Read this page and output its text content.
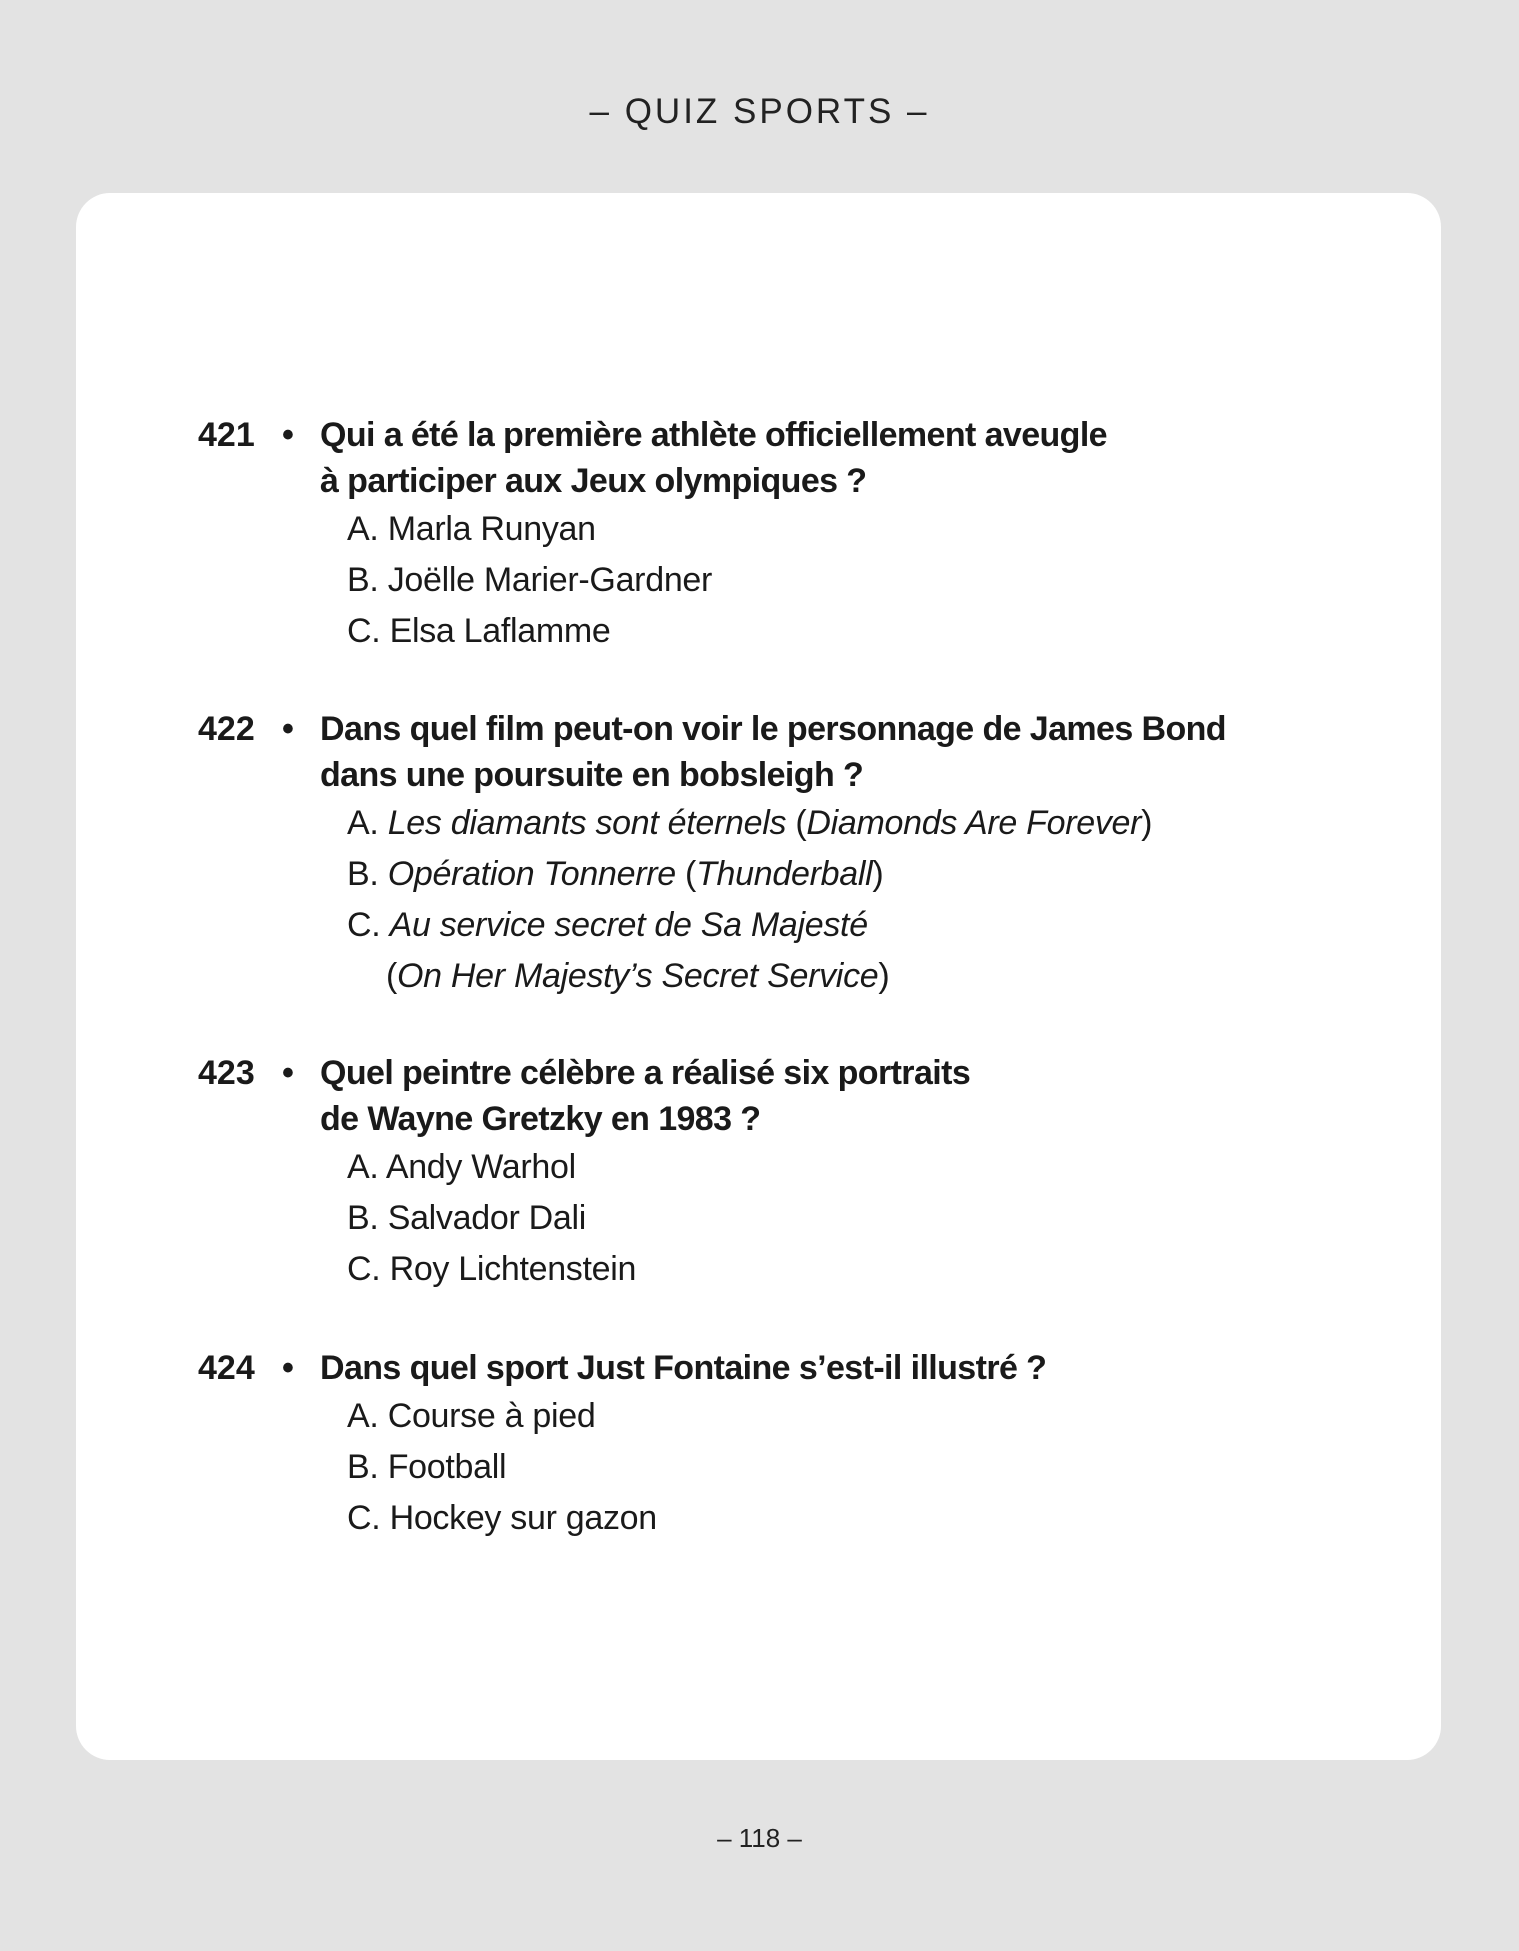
– QUIZ SPORTS –
421 • Qui a été la première athlète officiellement aveugle
à participer aux Jeux olympiques ?
A. Marla Runyan
B. Joëlle Marier-Gardner
C. Elsa Laflamme
422 • Dans quel film peut-on voir le personnage de James Bond
dans une poursuite en bobsleigh ?
A. Les diamants sont éternels (Diamonds Are Forever)
B. Opération Tonnerre (Thunderball)
C. Au service secret de Sa Majesté
(On Her Majesty’s Secret Service)
423 • Quel peintre célèbre a réalisé six portraits
de Wayne Gretzky en 1983 ?
A. Andy Warhol
B. Salvador Dali
C. Roy Lichtenstein
424 • Dans quel sport Just Fontaine s’est-il illustré ?
A. Course à pied
B. Football
C. Hockey sur gazon
– 118 –
